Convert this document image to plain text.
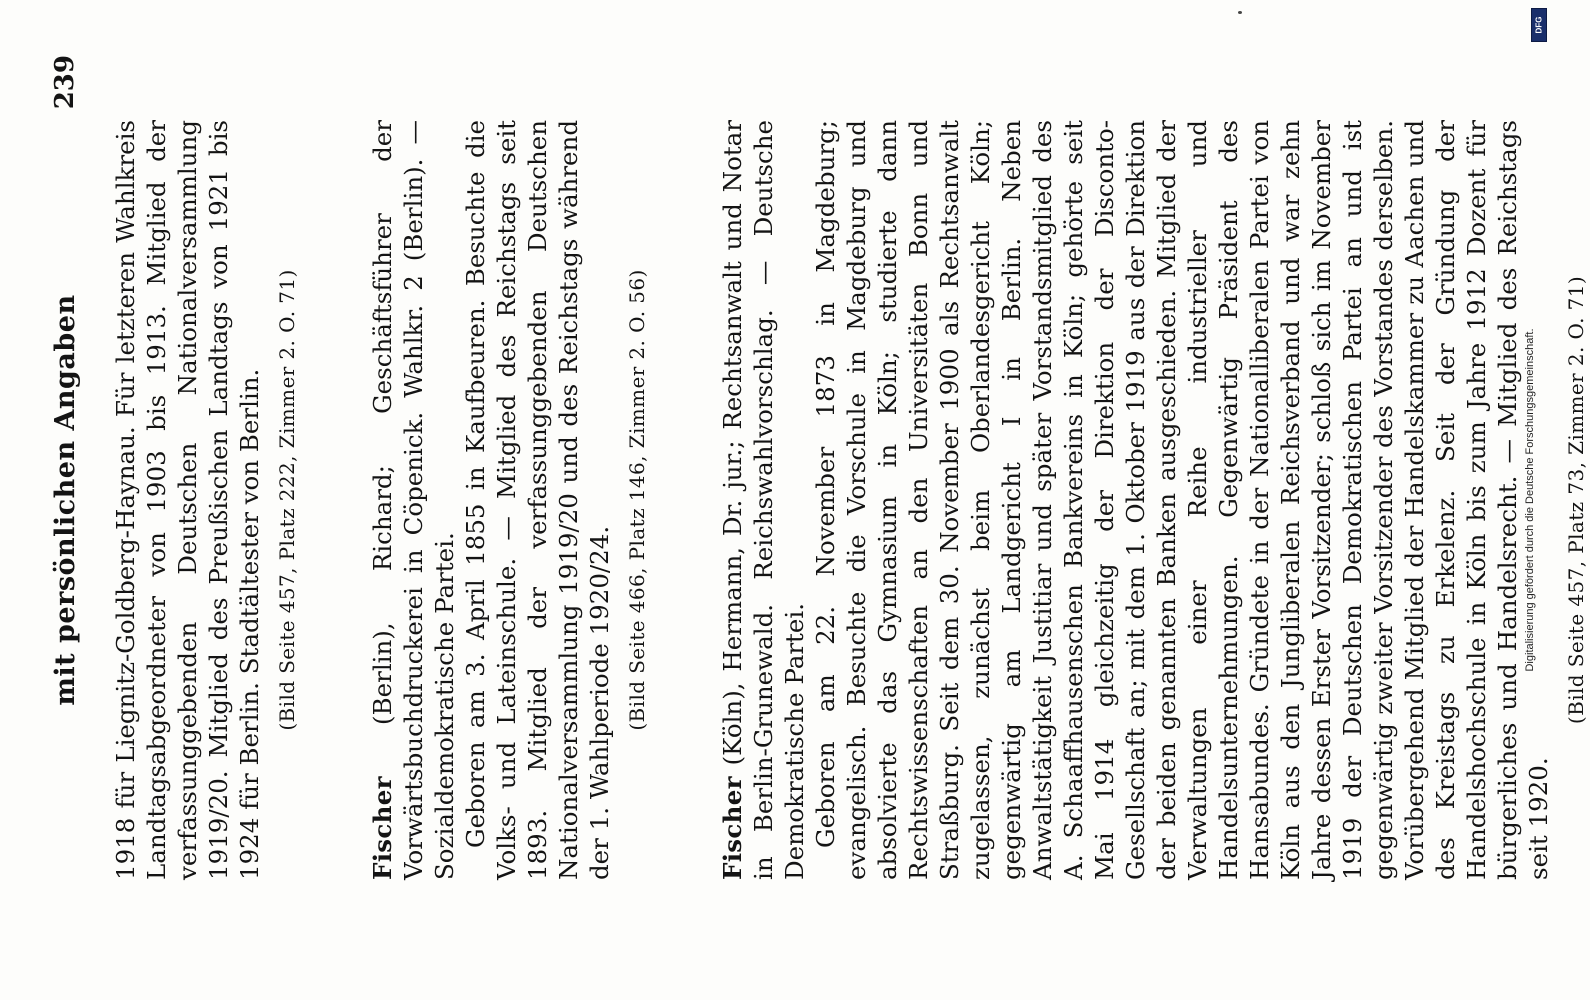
mit persönlichen Angaben
239

1918 für Liegnitz-Goldberg-Haynau. Für letzteren Wahlkreis Landtagsabgeordneter von 1903 bis 1913. Mitglied der verfassunggebenden Deutschen Nationalversammlung 1919/20. Mitglied des Preußischen Landtags von 1921 bis 1924 für Berlin. Stadtältester von Berlin. (Bild Seite 457, Platz 222, Zimmer 2. O. 71)

Fischer (Berlin), Richard; Geschäftsführer der Vorwärtsbuchdruckerei in Cöpenick. Wahlkr. 2 (Berlin). — Sozialdemokratische Partei. Geboren am 3. April 1855 in Kaufbeuren. Besuchte die Volks- und Lateinschule. — Mitglied des Reichstags seit 1893. Mitglied der verfassunggebenden Deutschen Nationalversammlung 1919/20 und des Reichstags während der 1. Wahlperiode 1920/24. (Bild Seite 466, Platz 146, Zimmer 2. O. 56)

Fischer (Köln), Hermann, Dr. jur.; Rechtsanwalt und Notar in Berlin-Grunewald. Reichswahlvorschlag. — Deutsche Demokratische Partei. Geboren am 22. November 1873 in Magdeburg; evangelisch. Besuchte die Vorschule in Magdeburg und absolvierte das Gymnasium in Köln; studierte dann Rechtswissenschaften an den Universitäten Bonn und Straßburg. Seit dem 30. November 1900 als Rechtsanwalt zugelassen, zunächst beim Oberlandesgericht Köln; gegenwärtig am Landgericht I in Berlin. Neben Anwaltstätigkeit Justitiar und später Vorstandsmitglied des A. Schaaffhausenschen Bankvereins in Köln; gehörte seit Mai 1914 gleichzeitig der Direktion der Disconto-Gesellschaft an; mit dem 1. Oktober 1919 aus der Direktion der beiden genannten Banken ausgeschieden. Mitglied der Verwaltungen einer Reihe industrieller und Handelsunternehmungen. Gegenwärtig Präsident des Hansabundes. Gründete in der Nationalliberalen Partei von Köln aus den Jungliberalen Reichsverband und war zehn Jahre dessen Erster Vorsitzender; schloß sich im November 1919 der Deutschen Demokratischen Partei an und ist gegenwärtig zweiter Vorsitzender des Vorstandes derselben. Vorübergehend Mitglied der Handelskammer zu Aachen und des Kreistags zu Erkelenz. Seit der Gründung der Handelshochschule in Köln bis zum Jahre 1912 Dozent für bürgerliches und Handelsrecht. — Mitglied des Reichstags seit 1920.

(Bild Seite 457, Platz 73, Zimmer 2. O. 71)
DFG
Digitalisierung gefördert durch die Deutsche Forschungsgemeinschaft.
